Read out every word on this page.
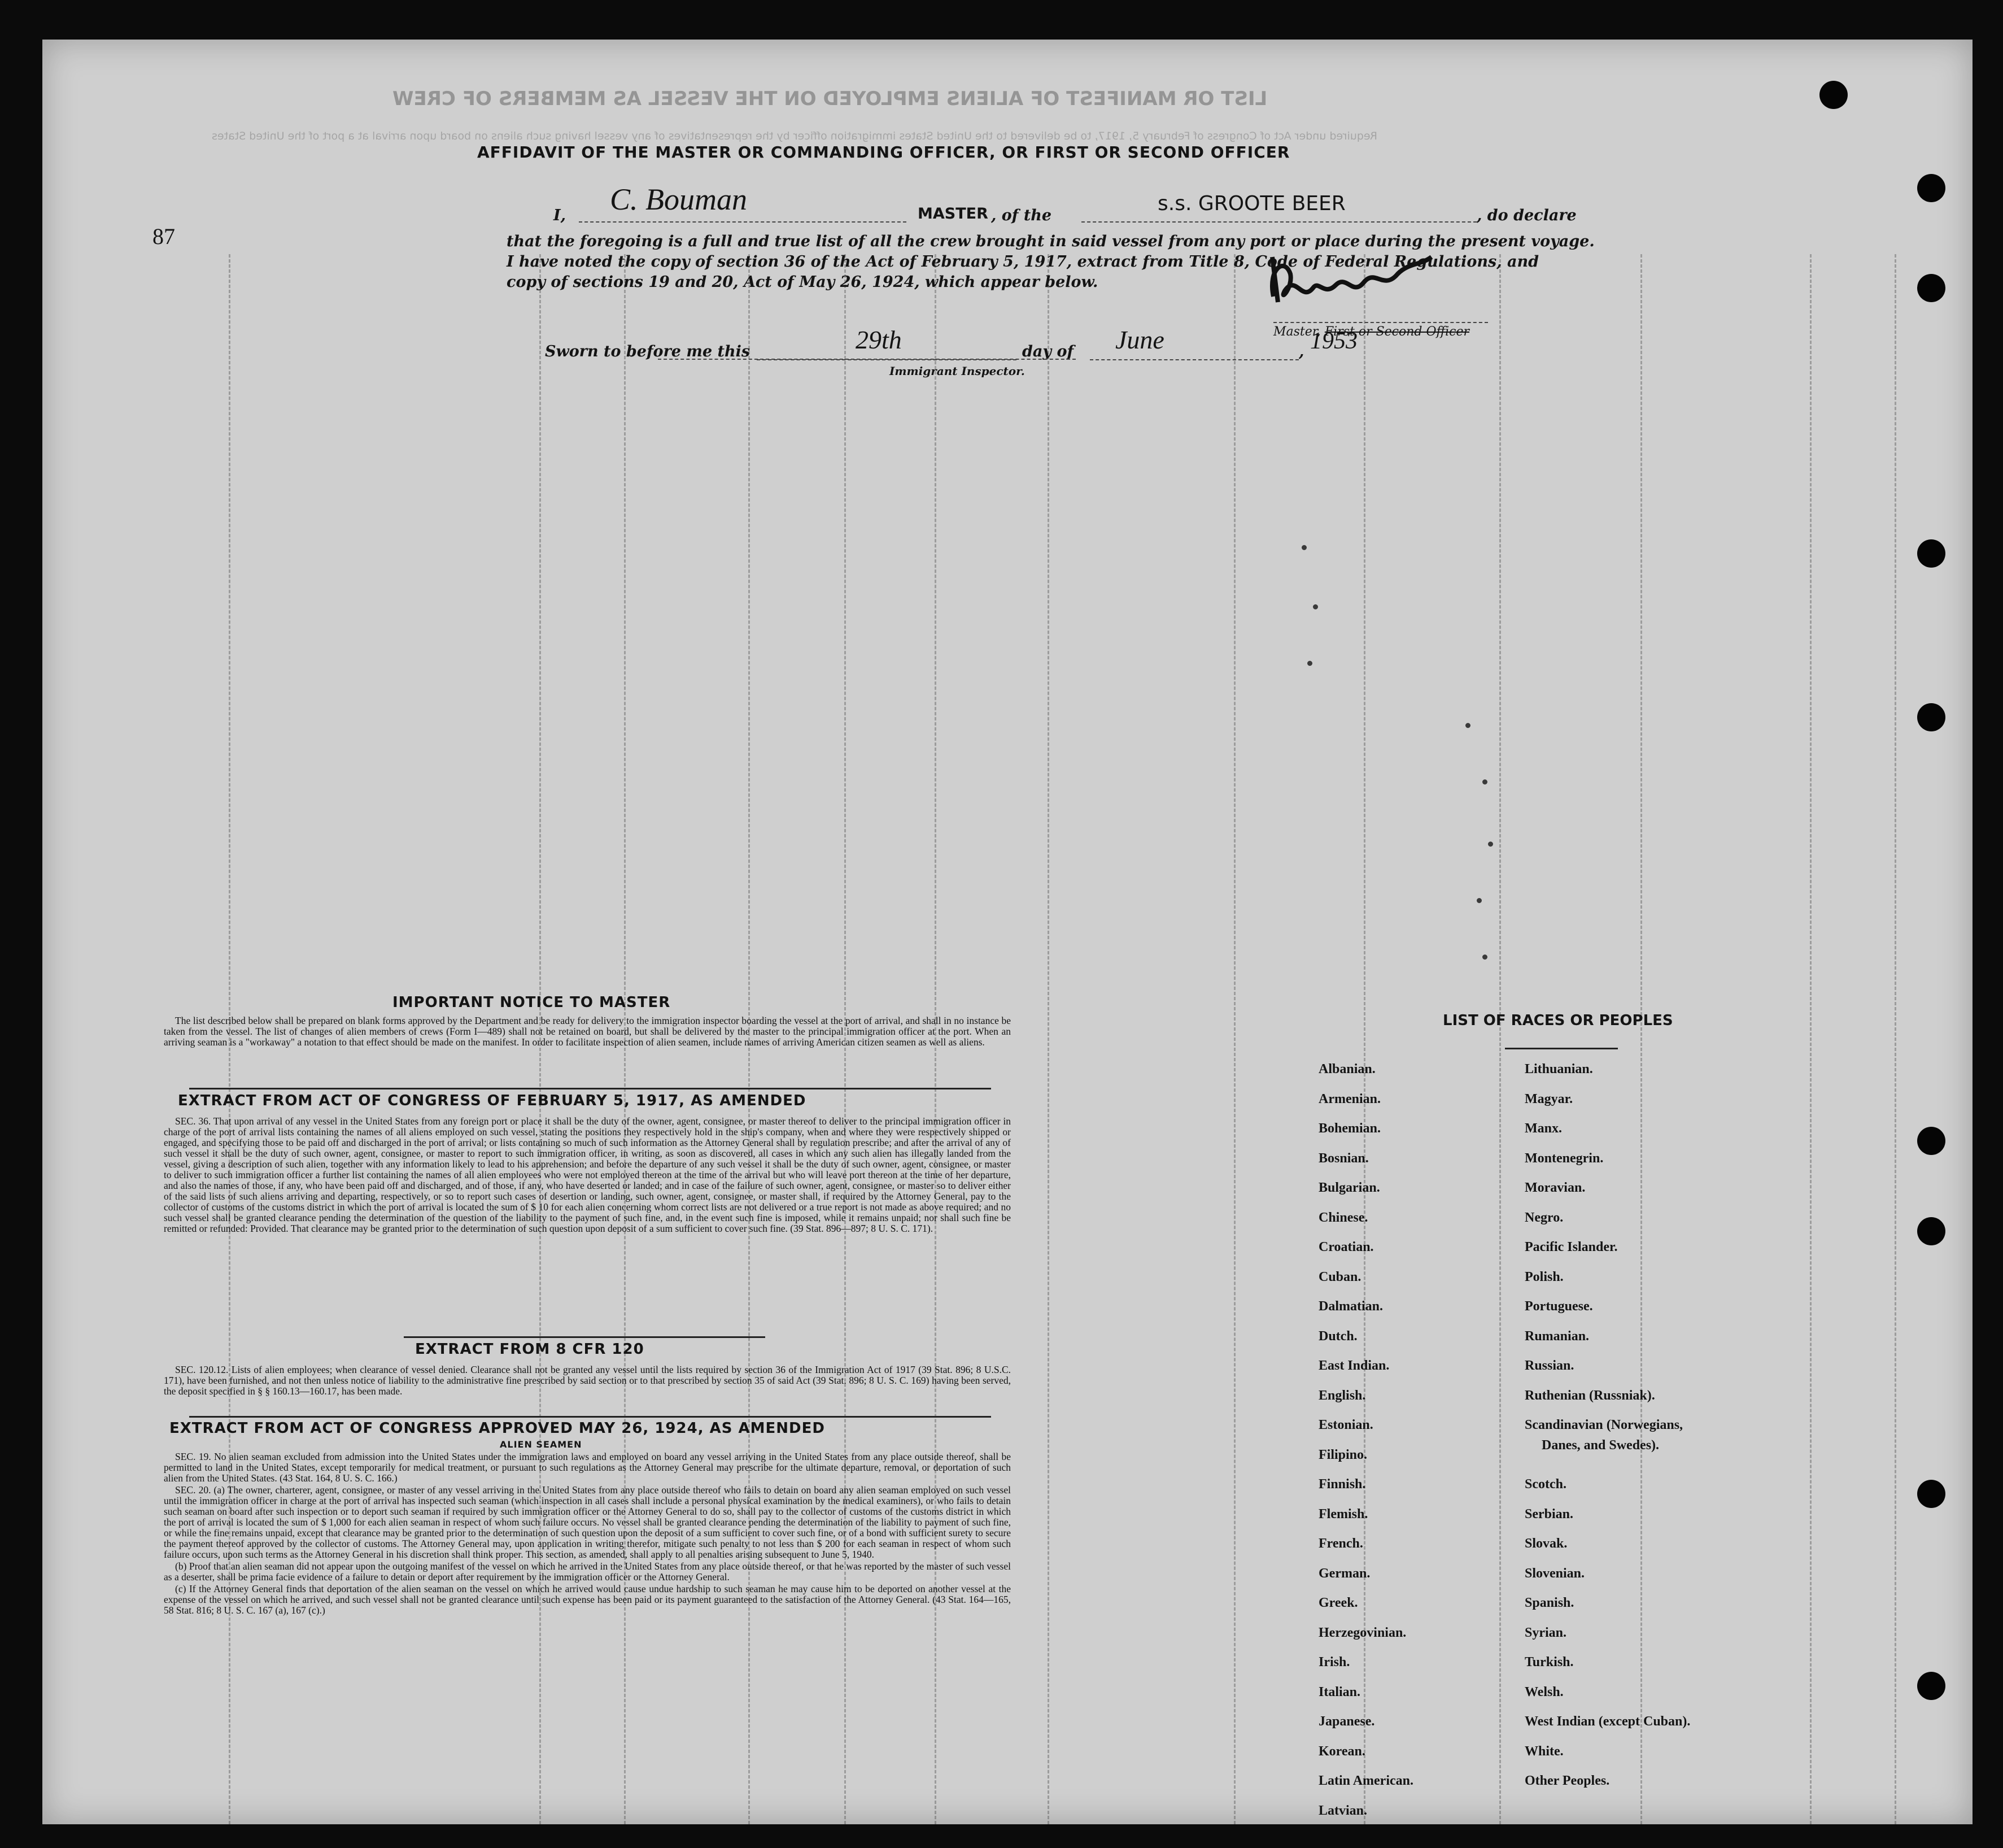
LIST OR MANIFEST OF ALIENS EMPLOYED ON THE VESSEL AS MEMBERS OF CREW
Required under Act of Congress of February 5, 1917, to be delivered to the United States immigration officer by the representatives of any vessel having such aliens on board upon arrival at a port of the United States
AFFIDAVIT OF THE MASTER OR COMMANDING OFFICER, OR FIRST OR SECOND OFFICER
87
I, C. Bouman	MASTER , of the
s.s. GROOTE BEER
, do declare
that the foregoing is a full and true list of all the crew brought in said vessel from any port or place during the present voyage.
I have noted the copy of section 36 of the Act of February 5, 1917, extract from Title 8, Code of Federal Regulations, and
copy of sections 19 and 20, Act of May 26, 1924, which appear below.
Master, First or Second Officer
Sworn to before me this	29th	day of June	, 1953
Immigrant Inspector.
IMPORTANT NOTICE TO MASTER

The list described below shall be prepared on blank forms approved by the Department and be ready for delivery to the immigration inspector boarding the vessel at the port of arrival, and shall in no instance be taken from the vessel. The list of changes of alien members of crews (Form I—489) shall not be retained on board, but shall be delivered by the master to the principal immigration officer at the port. When an arriving seaman is a "workaway" a notation to that effect should be made on the manifest. In order to facilitate inspection of alien seamen, include names of arriving American citizen seamen as well as aliens.

EXTRACT FROM ACT OF CONGRESS OF FEBRUARY 5, 1917, AS AMENDED

SEC. 36. That upon arrival of any vessel in the United States from any foreign port or place it shall be the duty of the owner, agent, consignee, or master thereof to deliver to the principal immigration officer in charge of the port of arrival lists containing the names of all aliens employed on such vessel, stating the positions they respectively hold in the ship's company, when and where they were respectively shipped or engaged, and specifying those to be paid off and discharged in the port of arrival; or lists containing so much of such information as the Attorney General shall by regulation prescribe; and after the arrival of any of such vessel it shall be the duty of such owner, agent, consignee, or master to report to such immigration officer, in writing, as soon as discovered, all cases in which any such alien has illegally landed from the vessel, giving a description of such alien, together with any information likely to lead to his apprehension; and before the departure of any such vessel it shall be the duty of such owner, agent, consignee, or master to deliver to such immigration officer a further list containing the names of all alien employees who were not employed thereon at the time of the arrival but who will leave port thereon at the time of her departure, and also the names of those, if any, who have been paid off and discharged, and of those, if any, who have deserted or landed; and in case of the failure of such owner, agent, consignee, or master so to deliver either of the said lists of such aliens arriving and departing, respectively, or so to report such cases of desertion or landing, such owner, agent, consignee, or master shall, if required by the Attorney General, pay to the collector of customs of the customs district in which the port of arrival is located the sum of $ 10 for each alien concerning whom correct lists are not delivered or a true report is not made as above required; and no such vessel shall be granted clearance pending the determination of the question of the liability to the payment of such fine, and, in the event such fine is imposed, while it remains unpaid; nor shall such fine be remitted or refunded: Provided. That clearance may be granted prior to the determination of such question upon deposit of a sum sufficient to cover such fine. (39 Stat. 896—897; 8 U. S. C. 171).

EXTRACT FROM 8 CFR 120

SEC. 120.12. Lists of alien employees; when clearance of vessel denied. Clearance shall not be granted any vessel until the lists required by section 36 of the Immigration Act of 1917 (39 Stat. 896; 8 U.S.C. 171), have been furnished, and not then unless notice of liability to the administrative fine prescribed by said section or to that prescribed by section 35 of said Act (39 Stat. 896; 8 U. S. C. 169) having been served, the deposit specified in § § 160.13—160.17, has been made.

EXTRACT FROM ACT OF CONGRESS APPROVED MAY 26, 1924, AS AMENDED
ALIEN SEAMEN

SEC. 19. No alien seaman excluded from admission into the United States under the immigration laws and employed on board any vessel arriving in the United States from any place outside thereof, shall be permitted to land in the United States, except temporarily for medical treatment, or pursuant to such regulations as the Attorney General may prescribe for the ultimate departure, removal, or deportation of such alien from the United States. (43 Stat. 164, 8 U. S. C. 166.)

SEC. 20. (a) The owner, charterer, agent, consignee, or master of any vessel arriving in the United States from any place outside thereof who fails to detain on board any alien seaman employed on such vessel until the immigration officer in charge at the port of arrival has inspected such seaman (which inspection in all cases shall include a personal physical examination by the medical examiners), or who fails to detain such seaman on board after such inspection or to deport such seaman if required by such immigration officer or the Attorney General to do so, shall pay to the collector of customs of the customs district in which the port of arrival is located the sum of $ 1,000 for each alien seaman in respect of whom such failure occurs. No vessel shall be granted clearance pending the determination of the liability to payment of such fine, or while the fine remains unpaid, except that clearance may be granted prior to the determination of such question upon the deposit of a sum sufficient to cover such fine, or of a bond with sufficient surety to secure the payment thereof approved by the collector of customs. The Attorney General may, upon application in writing therefor, mitigate such penalty to not less than $ 200 for each seaman in respect of whom such failure occurs, upon such terms as the Attorney General in his discretion shall think proper. This section, as amended, shall apply to all penalties arising subsequent to June 5, 1940.

(b) Proof that an alien seaman did not appear upon the outgoing manifest of the vessel on which he arrived in the United States from any place outside thereof, or that he was reported by the master of such vessel as a deserter, shall be prima facie evidence of a failure to detain or deport after requirement by the immigration officer or the Attorney General.

(c) If the Attorney General finds that deportation of the alien seaman on the vessel on which he arrived would cause undue hardship to such seaman he may cause him to be deported on another vessel at the expense of the vessel on which he arrived, and such vessel shall not be granted clearance until such expense has been paid or its payment guaranteed to the satisfaction of the Attorney General. (43 Stat. 164—165, 58 Stat. 816; 8 U. S. C. 167 (a), 167 (c).)

LIST OF RACES OR PEOPLES
Albanian.
Armenian.
Bohemian.
Bosnian.
Bulgarian.
Chinese.
Croatian.
Cuban.
Dalmatian.
Dutch.
East Indian.
English.
Estonian.
Filipino.
Finnish.
Flemish.
French.
German.
Greek.
Herzegovinian.
Irish.
Italian.
Japanese.
Korean.
Latin American.
Latvian.
Lithuanian.
Magyar.
Manx.
Montenegrin.
Moravian.
Negro.
Pacific Islander.
Polish.
Portuguese.
Rumanian.
Russian.
Ruthenian (Russniak).
Scandinavian (Norwegians,
Danes, and Swedes).
Scotch.
Serbian.
Slovak.
Slovenian.
Spanish.
Syrian.
Turkish.
Welsh.
West Indian (except Cuban).
White.
Other Peoples.
